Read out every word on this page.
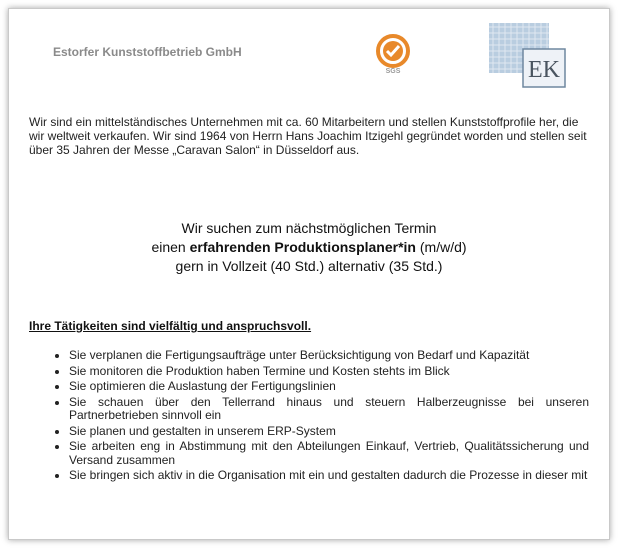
Estorfer Kunststoffbetrieb GmbH
SGS	EK
Wir sind ein mittelständisches Unternehmen mit ca. 60 Mitarbeitern und stellen Kunststoffprofile her, die wir weltweit verkaufen. Wir sind 1964 von Herrn Hans Joachim Itzigehl gegründet worden und stellen seit über 35 Jahren der Messe „Caravan Salon“ in Düsseldorf aus.
Wir suchen zum nächstmöglichen Termin
einen erfahrenden Produktionsplaner*in (m/w/d)
gern in Vollzeit (40 Std.) alternativ (35 Std.)
Ihre Tätigkeiten sind vielfältig und anspruchsvoll.
• Sie verplanen die Fertigungsaufträge unter Berücksichtigung von Bedarf und Kapazität
• Sie monitoren die Produktion haben Termine und Kosten stehts im Blick
• Sie optimieren die Auslastung der Fertigungslinien
• Sie schauen über den Tellerrand hinaus und steuern Halberzeugnisse bei unseren Partnerbetrieben sinnvoll ein
• Sie planen und gestalten in unserem ERP-System
• Sie arbeiten eng in Abstimmung mit den Abteilungen Einkauf, Vertrieb, Qualitätssicherung und Versand zusammen
• Sie bringen sich aktiv in die Organisation mit ein und gestalten dadurch die Prozesse in dieser mit
